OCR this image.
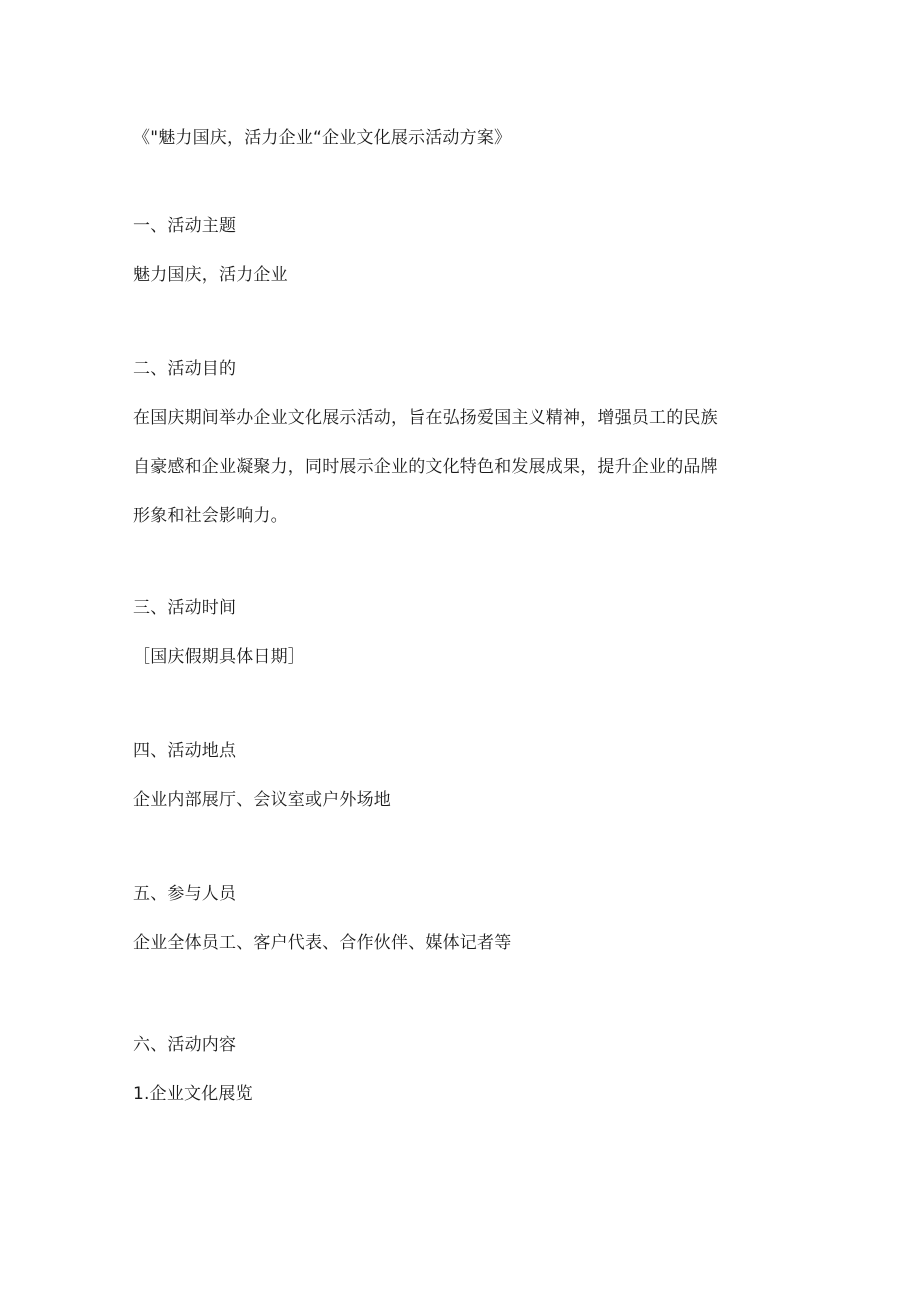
《"魅力国庆，活力企业“企业文化展示活动方案》
一、活动主题
魅力国庆，活力企业
二、活动目的
在国庆期间举办企业文化展示活动，旨在弘扬爱国主义精神，增强员工的民族
自豪感和企业凝聚力，同时展示企业的文化特色和发展成果，提升企业的品牌
形象和社会影响力。
三、活动时间
［国庆假期具体日期］
四、活动地点
企业内部展厅、会议室或户外场地
五、参与人员
企业全体员工、客户代表、合作伙伴、媒体记者等
六、活动内容
1.企业文化展览
